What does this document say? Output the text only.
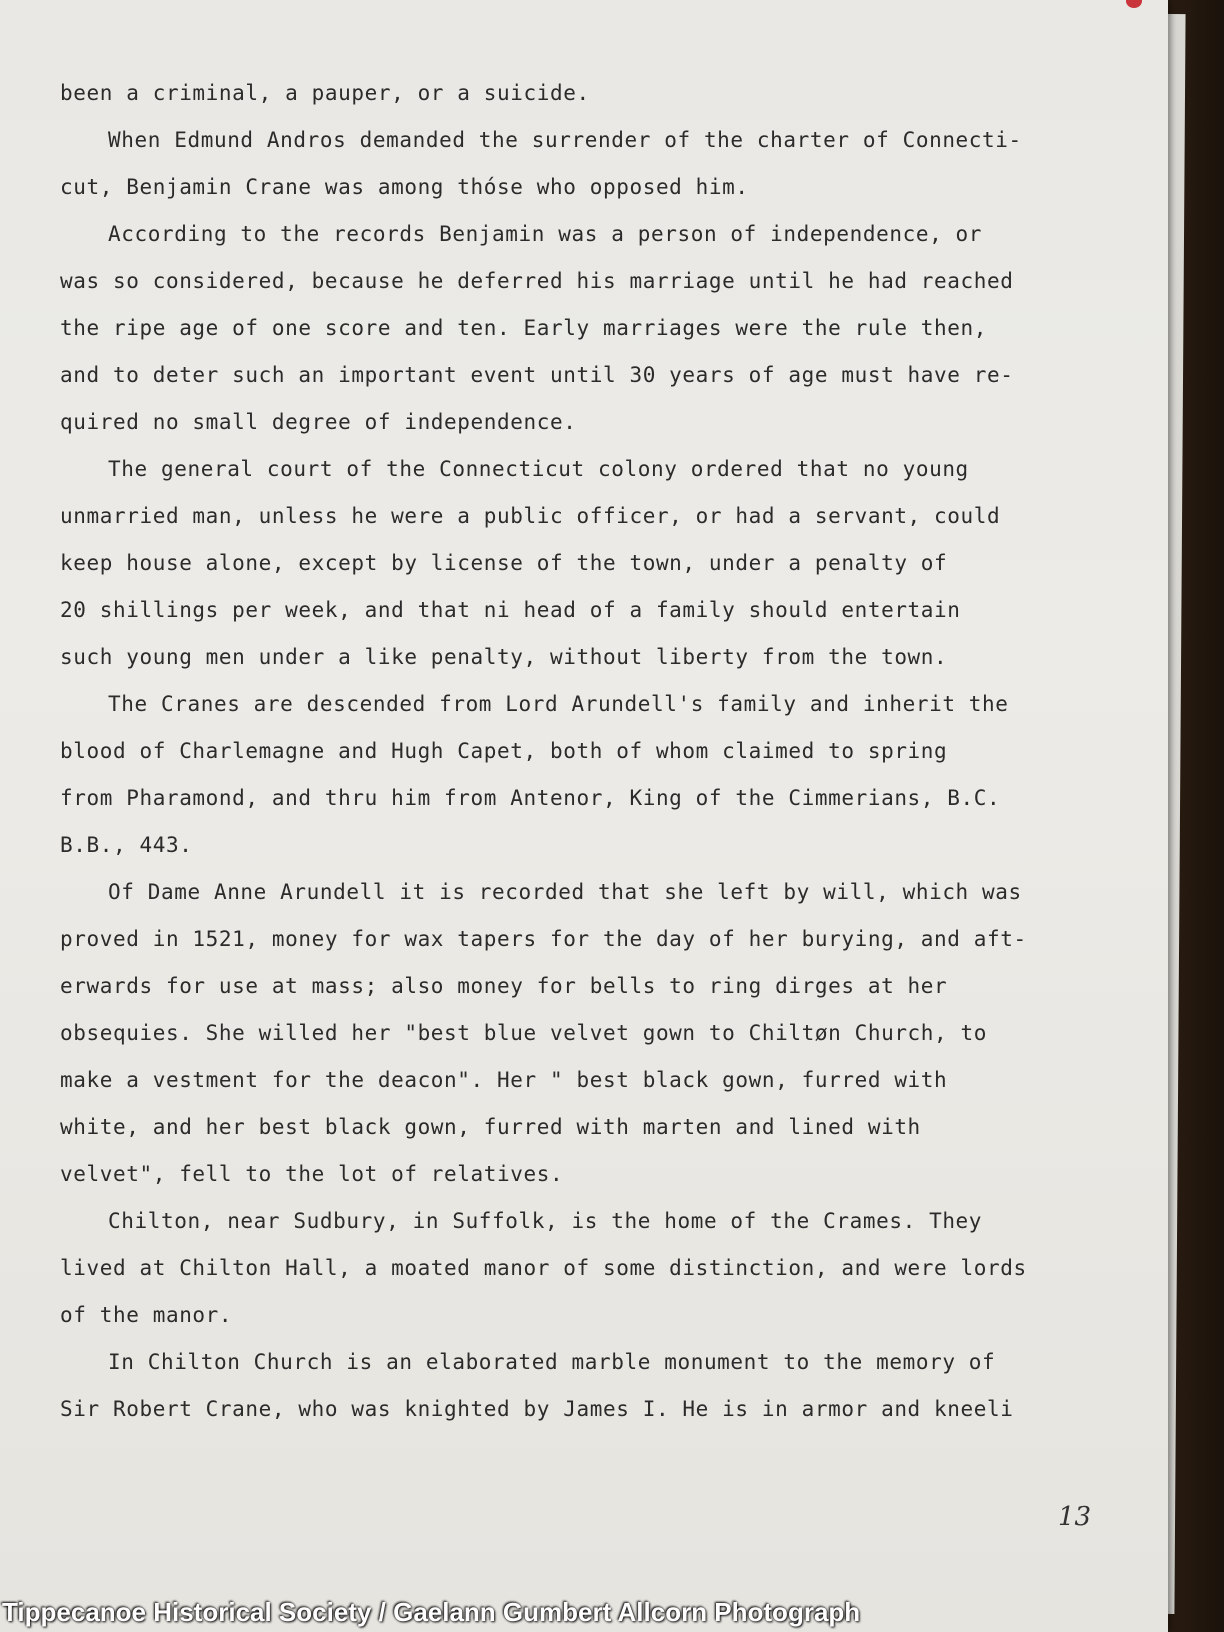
been a criminal, a pauper, or a suicide.

When Edmund Andros demanded the surrender of the charter of Connecti-
cut, Benjamin Crane was among thóse who opposed him.

According to the records Benjamin was a person of independence, or
was so considered, because he deferred his marriage until he had reached
the ripe age of one score and ten. Early marriages were the rule then,
and to deter such an important event until 30 years of age must have re-
quired no small degree of independence.

The general court of the Connecticut colony ordered that no young
unmarried man, unless he were a public officer, or had a servant, could
keep house alone, except by license of the town, under a penalty of
20 shillings per week, and that ni head of a family should entertain
such young men under a like penalty, without liberty from the town.

The Cranes are descended from Lord Arundell's family and inherit the
blood of Charlemagne and Hugh Capet, both of whom claimed to spring
from Pharamond, and thru him from Antenor, King of the Cimmerians, B.C.
B.B., 443.

Of Dame Anne Arundell it is recorded that she left by will, which was
proved in 1521, money for wax tapers for the day of her burying, and aft-
erwards for use at mass; also money for bells to ring dirges at her
obsequies. She willed her "best blue velvet gown to Chiltøn Church, to
make a vestment for the deacon". Her " best black gown, furred with
white, and her best black gown, furred with marten and lined with
velvet", fell to the lot of relatives.

Chilton, near Sudbury, in Suffolk, is the home of the Crames. They
lived at Chilton Hall, a moated manor of some distinction, and were lords
of the manor.

In Chilton Church is an elaborated marble monument to the memory of
Sir Robert Crane, who was knighted by James I. He is in armor and kneeli

13
Tippecanoe Historical Society / Gaelann Gumbert Allcorn Photograph
